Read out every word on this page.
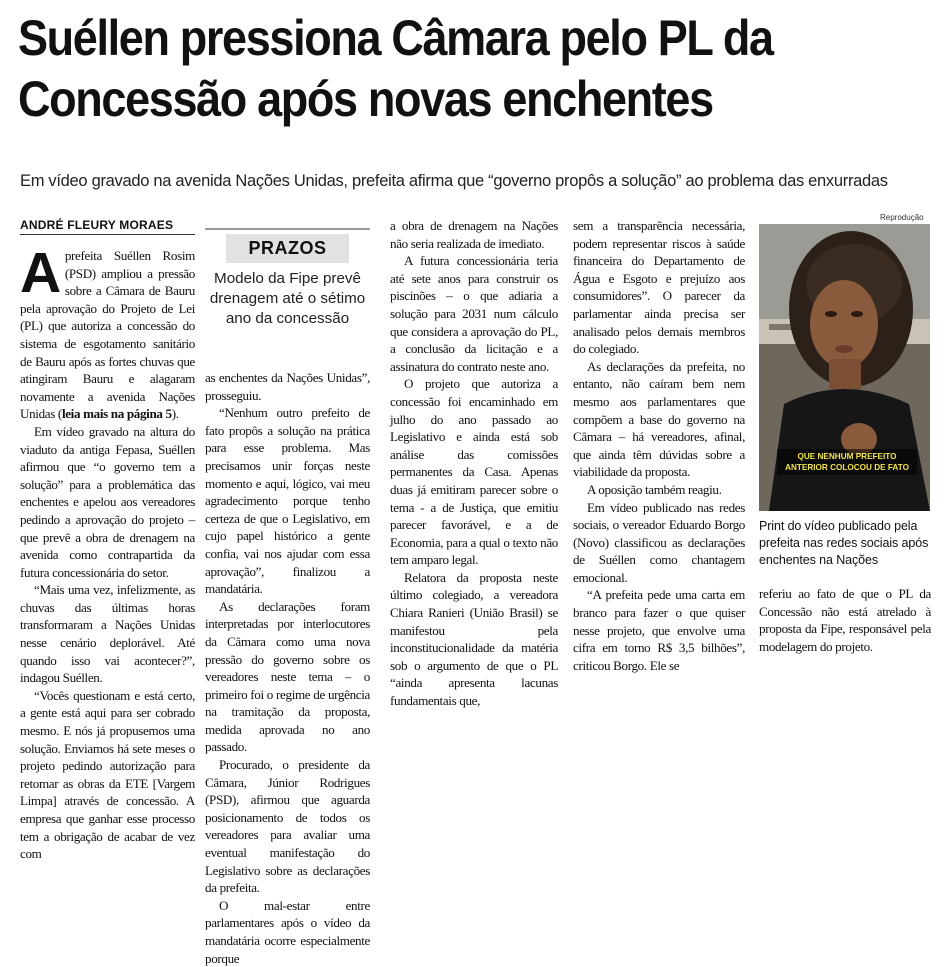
Suéllen pressiona Câmara pelo PL da Concessão após novas enchentes
Em vídeo gravado na avenida Nações Unidas, prefeita afirma que “governo propôs a solução” ao problema das enxurradas
ANDRÉ FLEURY MORAES

Aprefeita Suéllen Rosim (PSD) ampliou a pressão sobre a Câmara de Bauru pela aprovação do Projeto de Lei (PL) que autoriza a concessão do sistema de esgotamento sanitário de Bauru após as fortes chuvas que atingiram Bauru e alagaram novamente a avenida Nações Unidas (leia mais na página 5).

Em vídeo gravado na altura do viaduto da antiga Fepasa, Suéllen afirmou que “o governo tem a solução” para a problemática das enchentes e apelou aos vereadores pedindo a aprovação do projeto – que prevê a obra de drenagem na avenida como contrapartida da futura concessionária do setor.

“Mais uma vez, infelizmente, as chuvas das últimas horas transformaram a Nações Unidas nesse cenário deplorável. Até quando isso vai acontecer?”, indagou Suéllen.

“Vocês questionam e está certo, a gente está aqui para ser cobrado mesmo. E nós já propusemos uma solução. Enviamos há sete meses o projeto pedindo autorização para retomar as obras da ETE [Vargem Limpa] através de concessão. A empresa que ganhar esse processo tem a obrigação de acabar de vez com

PRAZOS
Modelo da Fipe prevê drenagem até o sétimo ano da concessão

as enchentes da Nações Unidas”, prosseguiu.

“Nenhum outro prefeito de fato propôs a solução na prática para esse problema. Mas precisamos unir forças neste momento e aqui, lógico, vai meu agradecimento porque tenho certeza de que o Legislativo, em cujo papel histórico a gente confia, vai nos ajudar com essa aprovação”, finalizou a mandatária.

As declarações foram interpretadas por interlocutores da Câmara como uma nova pressão do governo sobre os vereadores neste tema – o primeiro foi o regime de urgência na tramitação da proposta, medida aprovada no ano passado.

Procurado, o presidente da Câmara, Júnior Rodrigues (PSD), afirmou que aguarda posicionamento de todos os vereadores para avaliar uma eventual manifestação do Legislativo sobre as declarações da prefeita.

O mal-estar entre parlamentares após o vídeo da mandatária ocorre especialmente porque

a obra de drenagem na Nações não seria realizada de imediato.

A futura concessionária teria até sete anos para construir os piscinões – o que adiaria a solução para 2031 num cálculo que considera a aprovação do PL, a conclusão da licitação e a assinatura do contrato neste ano.

O projeto que autoriza a concessão foi encaminhado em julho do ano passado ao Legislativo e ainda está sob análise das comissões permanentes da Casa. Apenas duas já emitiram parecer sobre o tema - a de Justiça, que emitiu parecer favorável, e a de Economia, para a qual o texto não tem amparo legal.

Relatora da proposta neste último colegiado, a vereadora Chiara Ranieri (União Brasil) se manifestou pela inconstitucionalidade da matéria sob o argumento de que o PL “ainda apresenta lacunas fundamentais que,

sem a transparência necessária, podem representar riscos à saúde financeira do Departamento de Água e Esgoto e prejuízo aos consumidores”. O parecer da parlamentar ainda precisa ser analisado pelos demais membros do colegiado.

As declarações da prefeita, no entanto, não caíram bem nem mesmo aos parlamentares que compõem a base do governo na Câmara – há vereadores, afinal, que ainda têm dúvidas sobre a viabilidade da proposta.

A oposição também reagiu.

Em vídeo publicado nas redes sociais, o vereador Eduardo Borgo (Novo) classificou as declarações de Suéllen como chantagem emocional.

“A prefeita pede uma carta em branco para fazer o que quiser nesse projeto, que envolve uma cifra em torno R$ 3,5 bilhões”, criticou Borgo. Ele se

Reprodução
QUE NENHUM PREFEITO ANTERIOR COLOCOU DE FATO
Print do vídeo publicado pela prefeita nas redes sociais após enchentes na Nações

referiu ao fato de que o PL da Concessão não está atrelado à proposta da Fipe, responsável pela modelagem do projeto.
